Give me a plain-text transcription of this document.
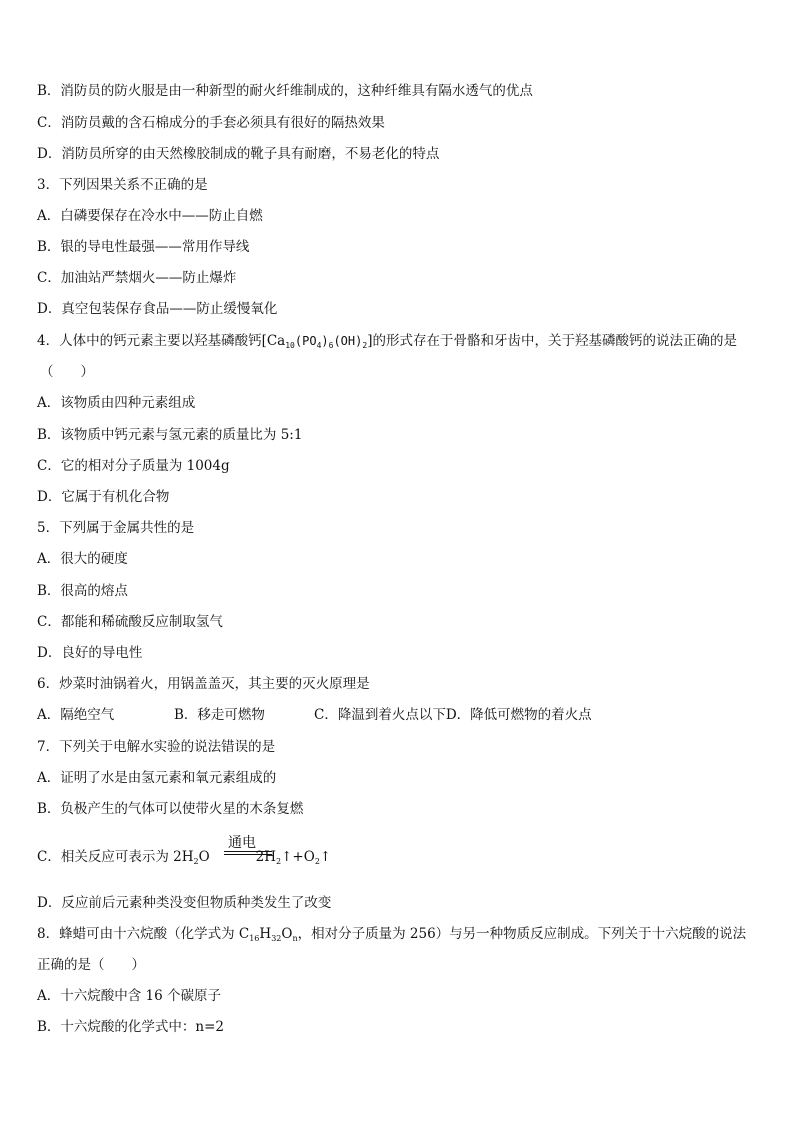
B．消防员的防火服是由一种新型的耐火纤维制成的，这种纤维具有隔水透气的优点
C．消防员戴的含石棉成分的手套必须具有很好的隔热效果
D．消防员所穿的由天然橡胶制成的靴子具有耐磨，不易老化的特点
3．下列因果关系不正确的是
A．白磷要保存在冷水中——防止自燃
B．银的导电性最强——常用作导线
C．加油站严禁烟火——防止爆炸
D．真空包装保存食品——防止缓慢氧化
4．人体中的钙元素主要以羟基磷酸钙$[Ca_{10}(PO_4)_6(OH)_2]$的形式存在于骨骼和牙齿中，关于羟基磷酸钙的说法正确的是
（　　）
A．该物质由四种元素组成
B．该物质中钙元素与氢元素的质量比为 5:1
C．它的相对分子质量为 1004g
D．它属于有机化合物
5．下列属于金属共性的是
A．很大的硬度
B．很高的熔点
C．都能和稀硫酸反应制取氢气
D．良好的导电性
6．炒菜时油锅着火，用锅盖盖灭，其主要的灭火原理是
A．隔绝空气	B．移走可燃物	C．降温到着火点以下D．降低可燃物的着火点
7．下列关于电解水实验的说法错误的是
A．证明了水是由氢元素和氧元素组成的
B．负极产生的气体可以使带火星的木条复燃
C．相关反应可表示为 $2H_2O$	$2H_2↑+O_2↑$
通电
D．反应前后元素种类没变但物质种类发生了改变
8．蜂蜡可由十六烷酸（化学式为 $C_{16}H_{32}O_n$，相对分子质量为 256）与另一种物质反应制成。下列关于十六烷酸的说法
正确的是（　　）
A．十六烷酸中含 16 个碳原子
B．十六烷酸的化学式中：n=2
